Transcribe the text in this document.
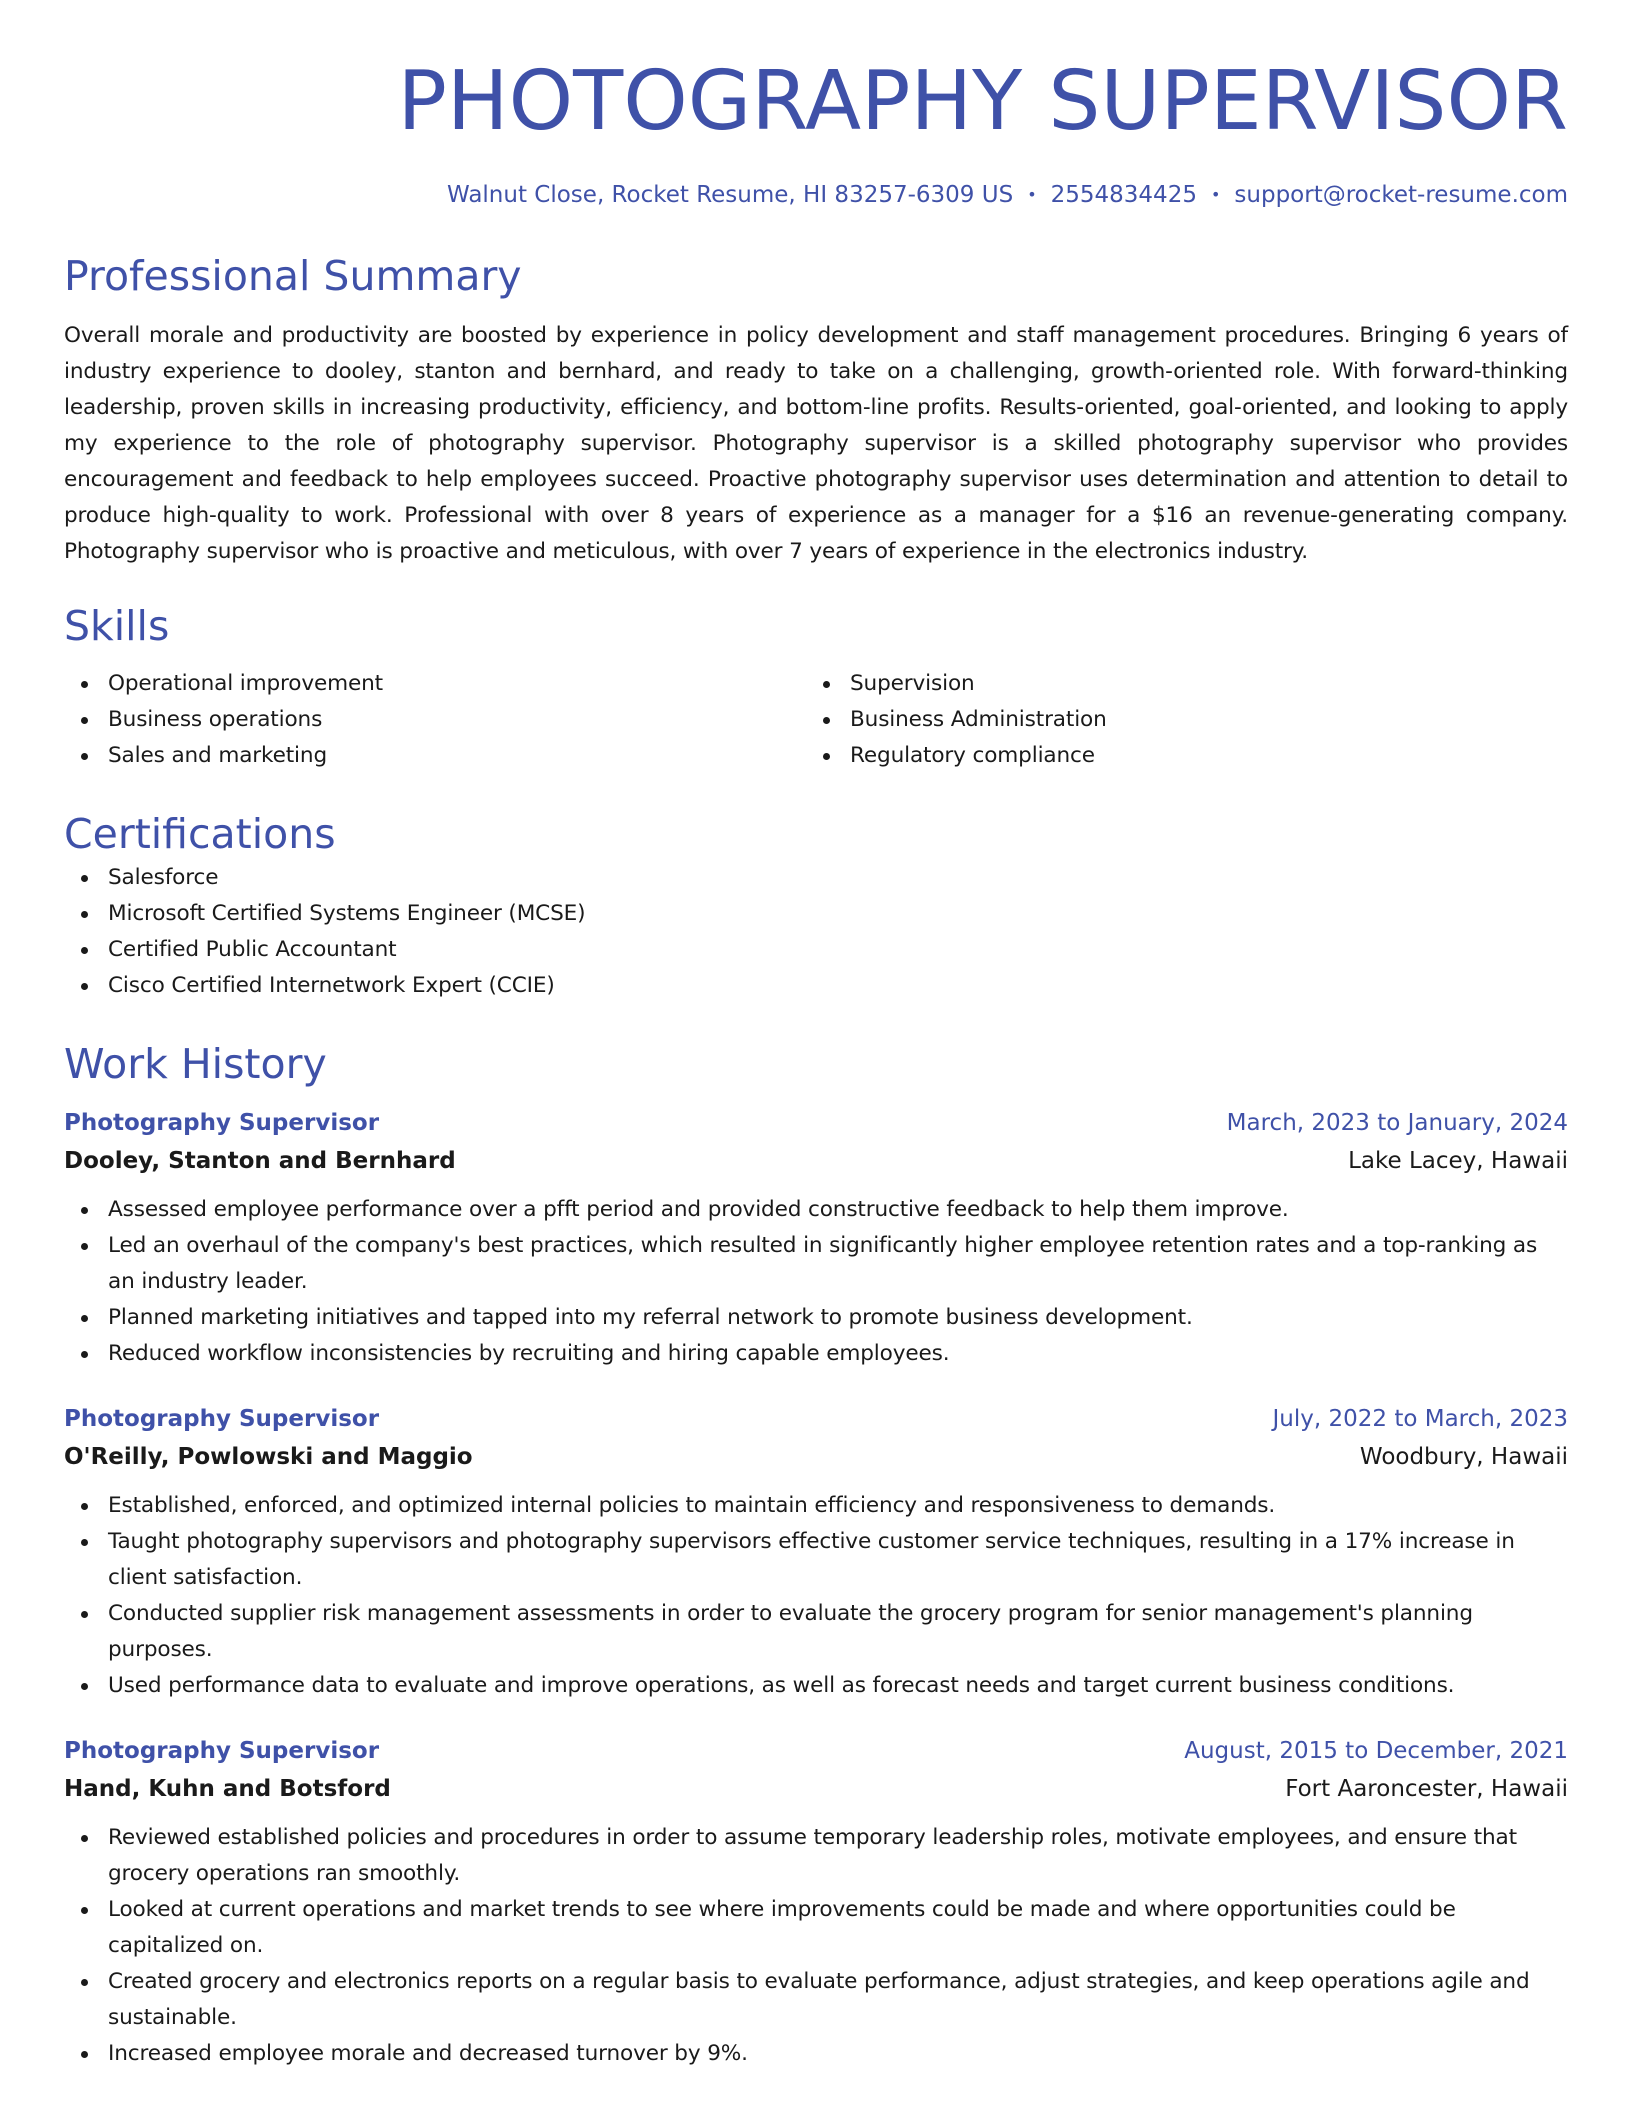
PHOTOGRAPHY SUPERVISOR
Walnut Close, Rocket Resume, HI 83257-6309 US • 2554834425 • support@rocket-resume.com
Professional Summary
Overall morale and productivity are boosted by experience in policy development and staff management procedures. Bringing 6 years of industry experience to dooley, stanton and bernhard, and ready to take on a challenging, growth-oriented role. With forward-thinking leadership, proven skills in increasing productivity, efficiency, and bottom-line profits. Results-oriented, goal-oriented, and looking to apply my experience to the role of photography supervisor. Photography supervisor is a skilled photography supervisor who provides encouragement and feedback to help employees succeed. Proactive photography supervisor uses determination and attention to detail to produce high-quality to work. Professional with over 8 years of experience as a manager for a $16 an revenue-generating company. Photography supervisor who is proactive and meticulous, with over 7 years of experience in the electronics industry.
Skills
Operational improvement
Business operations
Sales and marketing
Supervision
Business Administration
Regulatory compliance
Certifications
Salesforce
Microsoft Certified Systems Engineer (MCSE)
Certified Public Accountant
Cisco Certified Internetwork Expert (CCIE)
Work History
Photography Supervisor	March, 2023 to January, 2024
Dooley, Stanton and Bernhard	Lake Lacey, Hawaii
Assessed employee performance over a pfft period and provided constructive feedback to help them improve.
Led an overhaul of the company's best practices, which resulted in significantly higher employee retention rates and a top-ranking as an industry leader.
Planned marketing initiatives and tapped into my referral network to promote business development.
Reduced workflow inconsistencies by recruiting and hiring capable employees.
Photography Supervisor	July, 2022 to March, 2023
O'Reilly, Powlowski and Maggio	Woodbury, Hawaii
Established, enforced, and optimized internal policies to maintain efficiency and responsiveness to demands.
Taught photography supervisors and photography supervisors effective customer service techniques, resulting in a 17% increase in client satisfaction.
Conducted supplier risk management assessments in order to evaluate the grocery program for senior management's planning purposes.
Used performance data to evaluate and improve operations, as well as forecast needs and target current business conditions.
Photography Supervisor	August, 2015 to December, 2021
Hand, Kuhn and Botsford	Fort Aaroncester, Hawaii
Reviewed established policies and procedures in order to assume temporary leadership roles, motivate employees, and ensure that grocery operations ran smoothly.
Looked at current operations and market trends to see where improvements could be made and where opportunities could be capitalized on.
Created grocery and electronics reports on a regular basis to evaluate performance, adjust strategies, and keep operations agile and sustainable.
Increased employee morale and decreased turnover by 9%.
